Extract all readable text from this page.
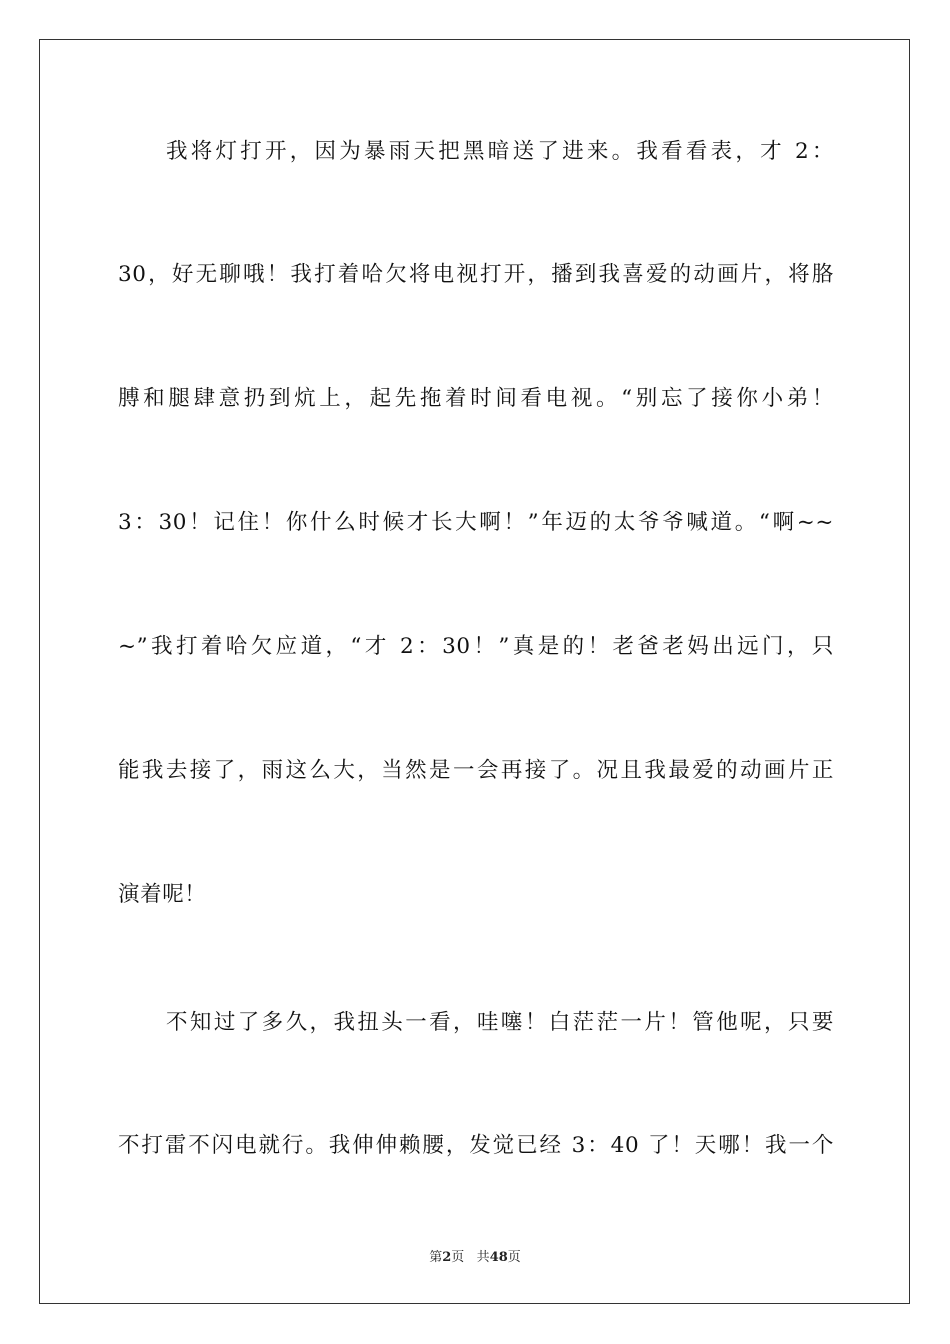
我将灯打开，因为暴雨天把黑暗送了进来。我看看表，才 2：
30，好无聊哦！我打着哈欠将电视打开，播到我喜爱的动画片，将胳
膊和腿肆意扔到炕上，起先拖着时间看电视。“别忘了接你小弟！
3：30！记住！你什么时候才长大啊！”年迈的太爷爷喊道。“啊~~
~”我打着哈欠应道，“才 2：30！”真是的！老爸老妈出远门，只
能我去接了，雨这么大，当然是一会再接了。况且我最爱的动画片正
演着呢！
不知过了多久，我扭头一看，哇噻！白茫茫一片！管他呢，只要
不打雷不闪电就行。我伸伸赖腰，发觉已经 3：40 了！天哪！我一个
第2页 共48页
